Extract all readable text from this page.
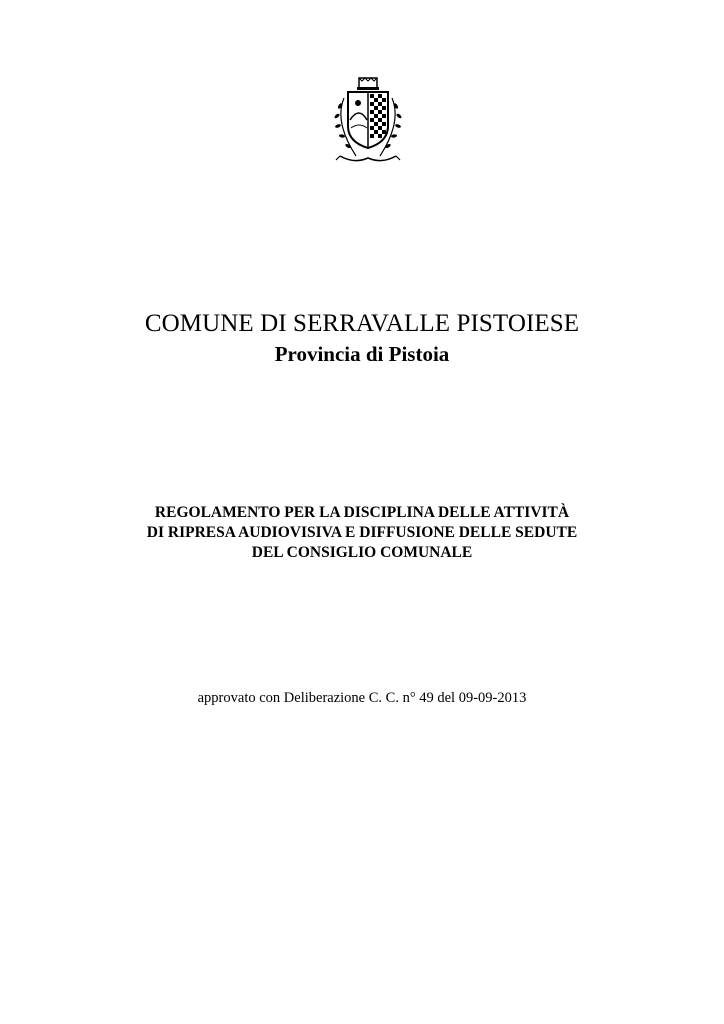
COMUNE DI SERRAVALLE PISTOIESE
Provincia di Pistoia
REGOLAMENTO PER LA DISCIPLINA DELLE ATTIVITÀ
DI RIPRESA AUDIOVISIVA E DIFFUSIONE DELLE SEDUTE
DEL CONSIGLIO COMUNALE
approvato con Deliberazione C. C. n° 49 del 09-09-2013
